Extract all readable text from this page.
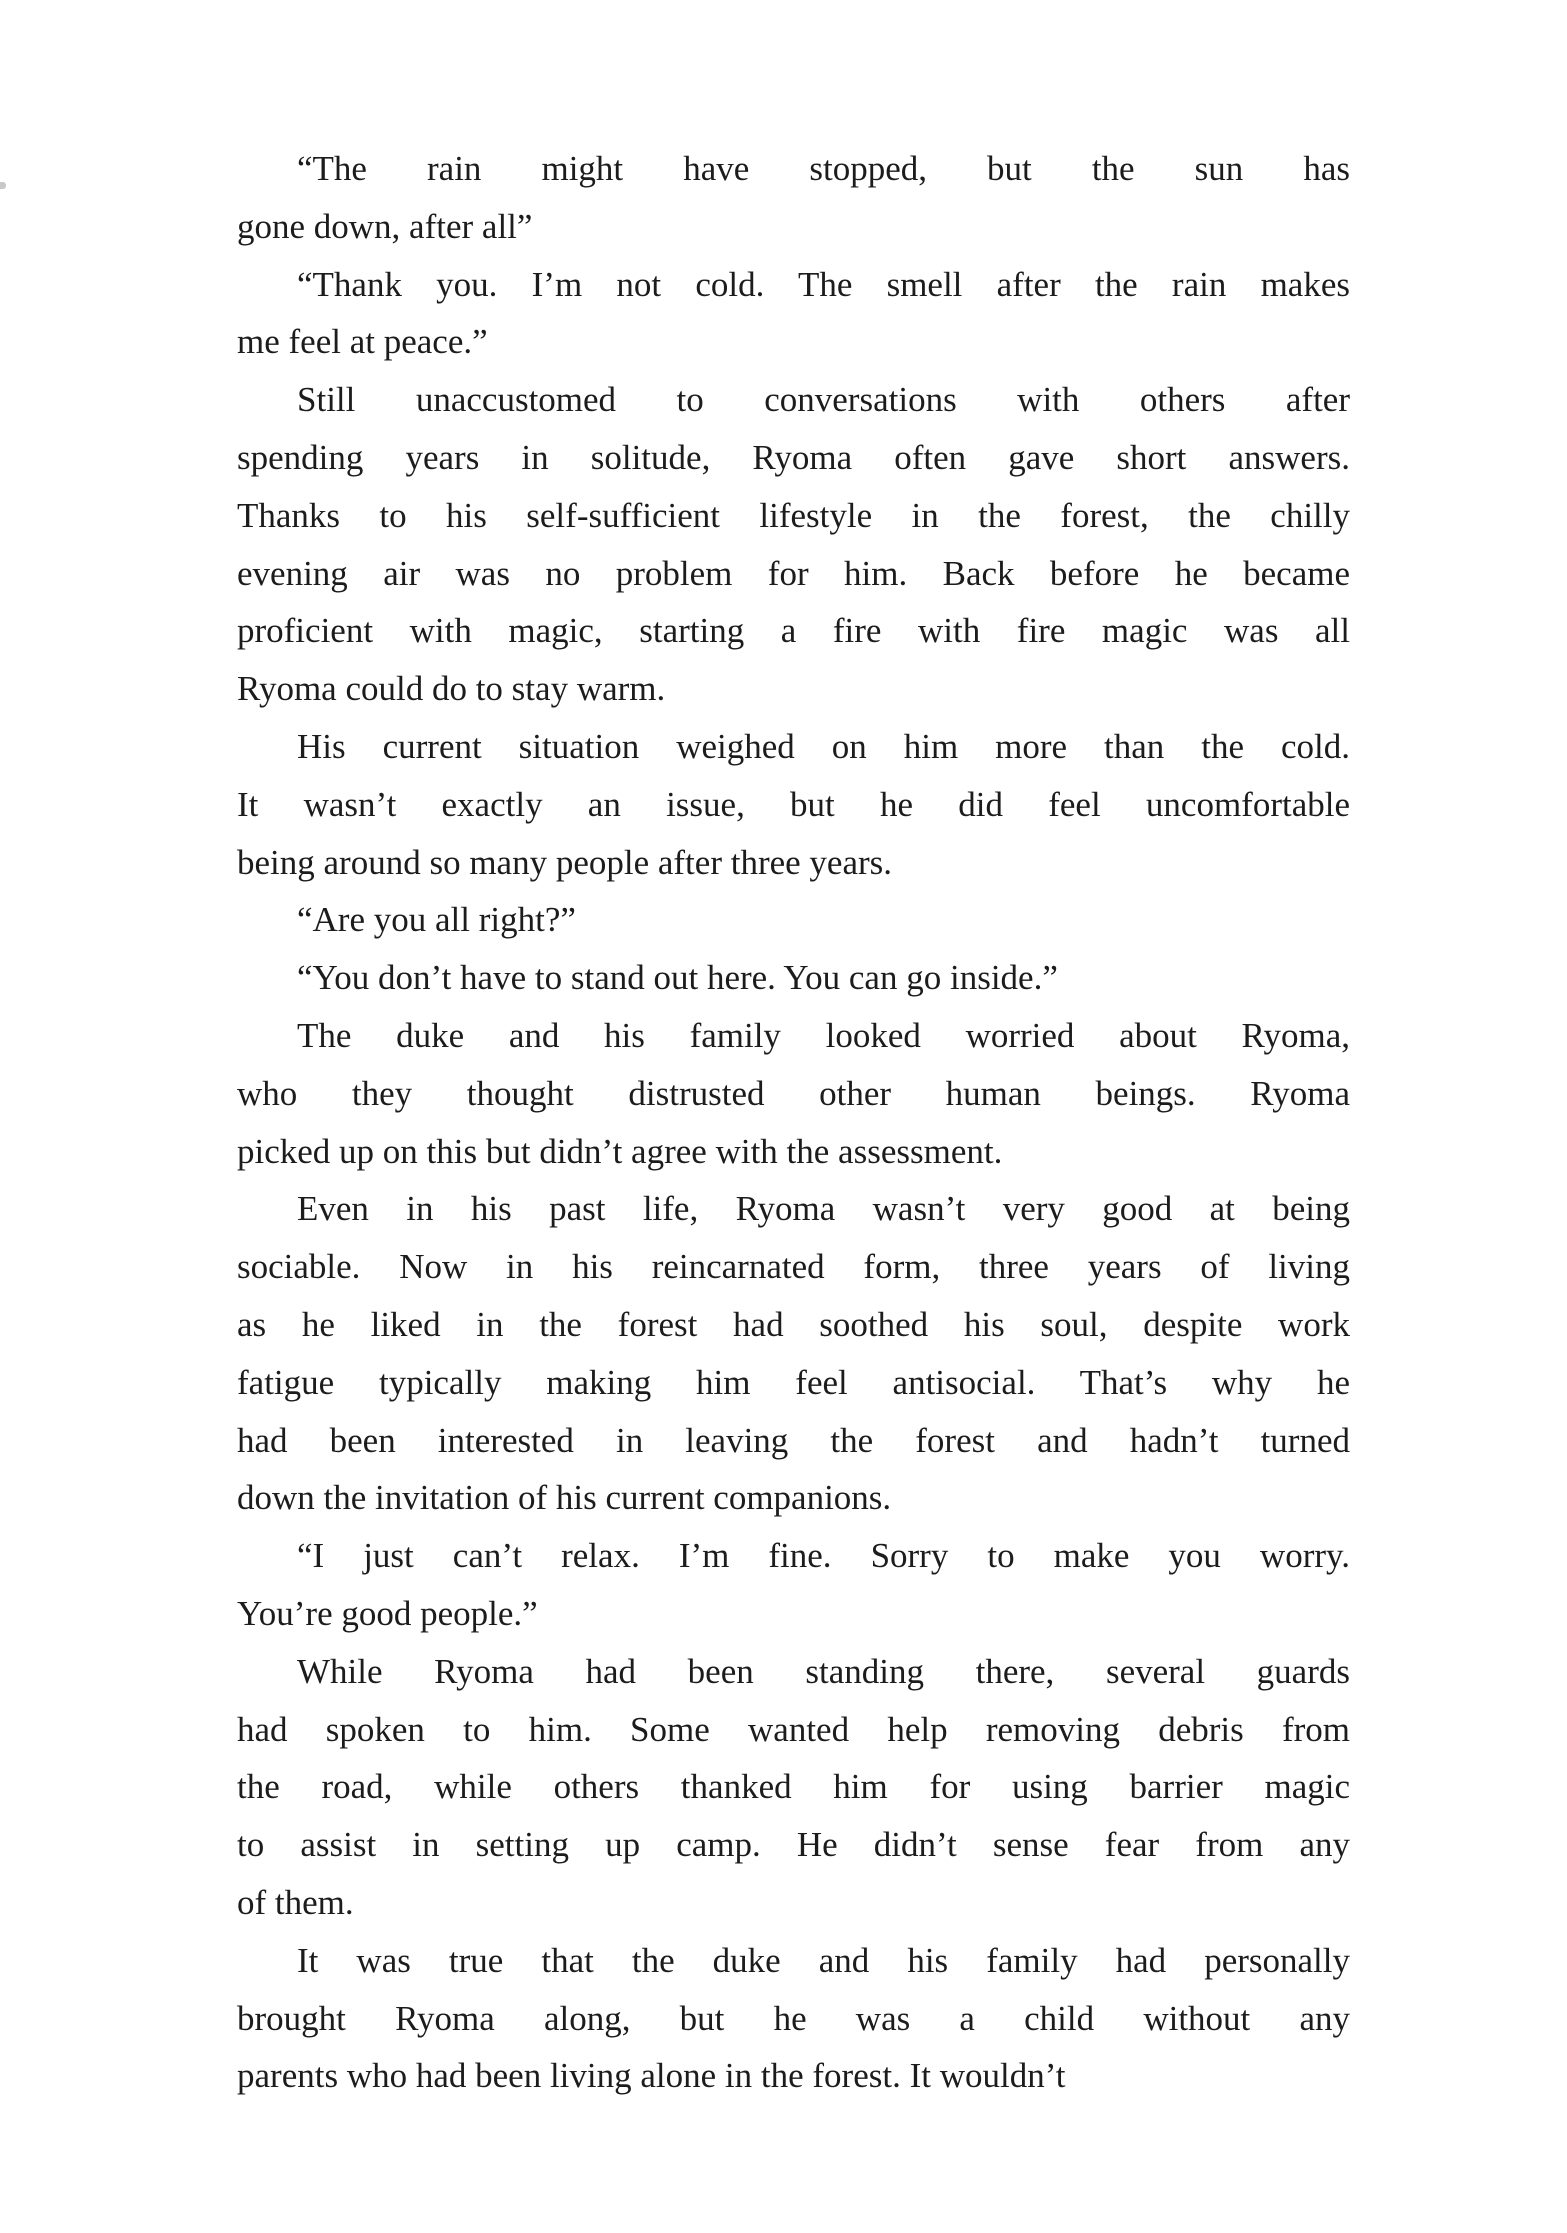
“The rain might have stopped, but the sun has
gone down, after all”
“Thank you. I’m not cold. The smell after the rain makes
me feel at peace.”
Still unaccustomed to conversations with others after
spending years in solitude, Ryoma often gave short answers.
Thanks to his self-sufficient lifestyle in the forest, the chilly
evening air was no problem for him. Back before he became
proficient with magic, starting a fire with fire magic was all
Ryoma could do to stay warm.
His current situation weighed on him more than the cold.
It wasn’t exactly an issue, but he did feel uncomfortable
being around so many people after three years.
“Are you all right?”
“You don’t have to stand out here. You can go inside.”
The duke and his family looked worried about Ryoma,
who they thought distrusted other human beings. Ryoma
picked up on this but didn’t agree with the assessment.
Even in his past life, Ryoma wasn’t very good at being
sociable. Now in his reincarnated form, three years of living
as he liked in the forest had soothed his soul, despite work
fatigue typically making him feel antisocial. That’s why he
had been interested in leaving the forest and hadn’t turned
down the invitation of his current companions.
“I just can’t relax. I’m fine. Sorry to make you worry.
You’re good people.”
While Ryoma had been standing there, several guards
had spoken to him. Some wanted help removing debris from
the road, while others thanked him for using barrier magic
to assist in setting up camp. He didn’t sense fear from any
of them.
It was true that the duke and his family had personally
brought Ryoma along, but he was a child without any
parents who had been living alone in the forest. It wouldn’t
